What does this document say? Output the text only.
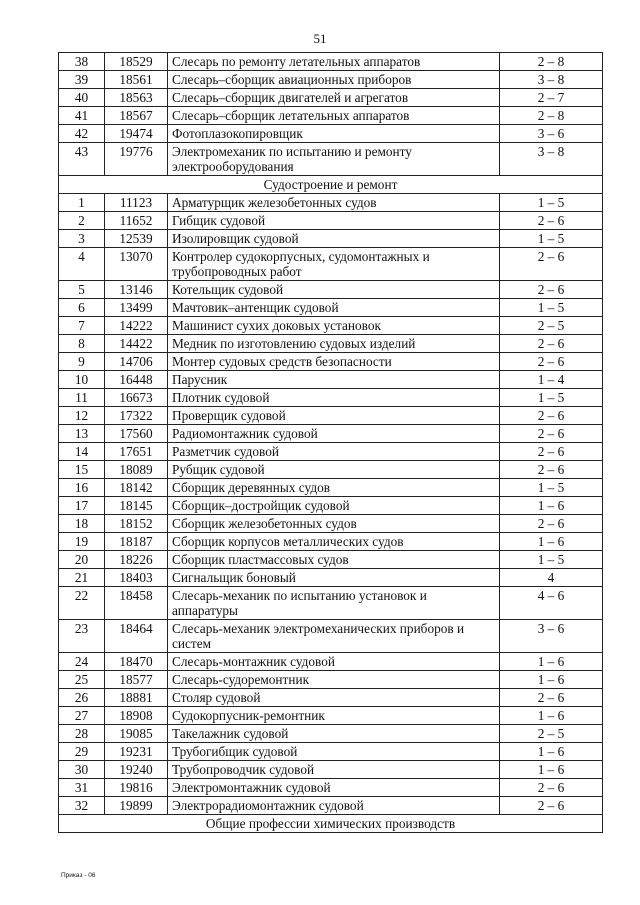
51
38	18529	Слесарь по ремонту летательных аппаратов	2 – 8
39	18561	Слесарь–сборщик авиационных приборов	3 – 8
40	18563	Слесарь–сборщик двигателей и агрегатов	2 – 7
41	18567	Слесарь–сборщик летательных аппаратов	2 – 8
42	19474	Фотоплазокопировщик	3 – 6
43	19776	Электромеханик по испытанию и ремонту электрооборудования	3 – 8
Судостроение и ремонт			
1	11123	Арматурщик железобетонных судов	1 – 5
2	11652	Гибщик судовой	2 – 6
3	12539	Изолировщик судовой	1 – 5
4	13070	Контролер судокорпусных, судомонтажных и трубопроводных работ	2 – 6
5	13146	Котельщик судовой	2 – 6
6	13499	Мачтовик–антенщик судовой	1 – 5
7	14222	Машинист сухих доковых установок	2 – 5
8	14422	Медник по изготовлению судовых изделий	2 – 6
9	14706	Монтер судовых средств безопасности	2 – 6
10	16448	Парусник	1 – 4
11	16673	Плотник судовой	1 – 5
12	17322	Проверщик судовой	2 – 6
13	17560	Радиомонтажник судовой	2 – 6
14	17651	Разметчик судовой	2 – 6
15	18089	Рубщик судовой	2 – 6
16	18142	Сборщик деревянных судов	1 – 5
17	18145	Сборщик–достройщик судовой	1 – 6
18	18152	Сборщик железобетонных судов	2 – 6
19	18187	Сборщик корпусов металлических судов	1 – 6
20	18226	Сборщик пластмассовых судов	1 – 5
21	18403	Сигнальщик боновый	4
22	18458	Слесарь-механик по испытанию установок и аппаратуры	4 – 6
23	18464	Слесарь-механик электромеханических приборов и систем	3 – 6
24	18470	Слесарь-монтажник судовой	1 – 6
25	18577	Слесарь-судоремонтник	1 – 6
26	18881	Столяр судовой	2 – 6
27	18908	Судокорпусник-ремонтник	1 – 6
28	19085	Такелажник судовой	2 – 5
29	19231	Трубогибщик судовой	1 – 6
30	19240	Трубопроводчик судовой	1 – 6
31	19816	Электромонтажник судовой	2 – 6
32	19899	Электрорадиомонтажник судовой	2 – 6
Общие профессии химических производств			
Приказ - 06
